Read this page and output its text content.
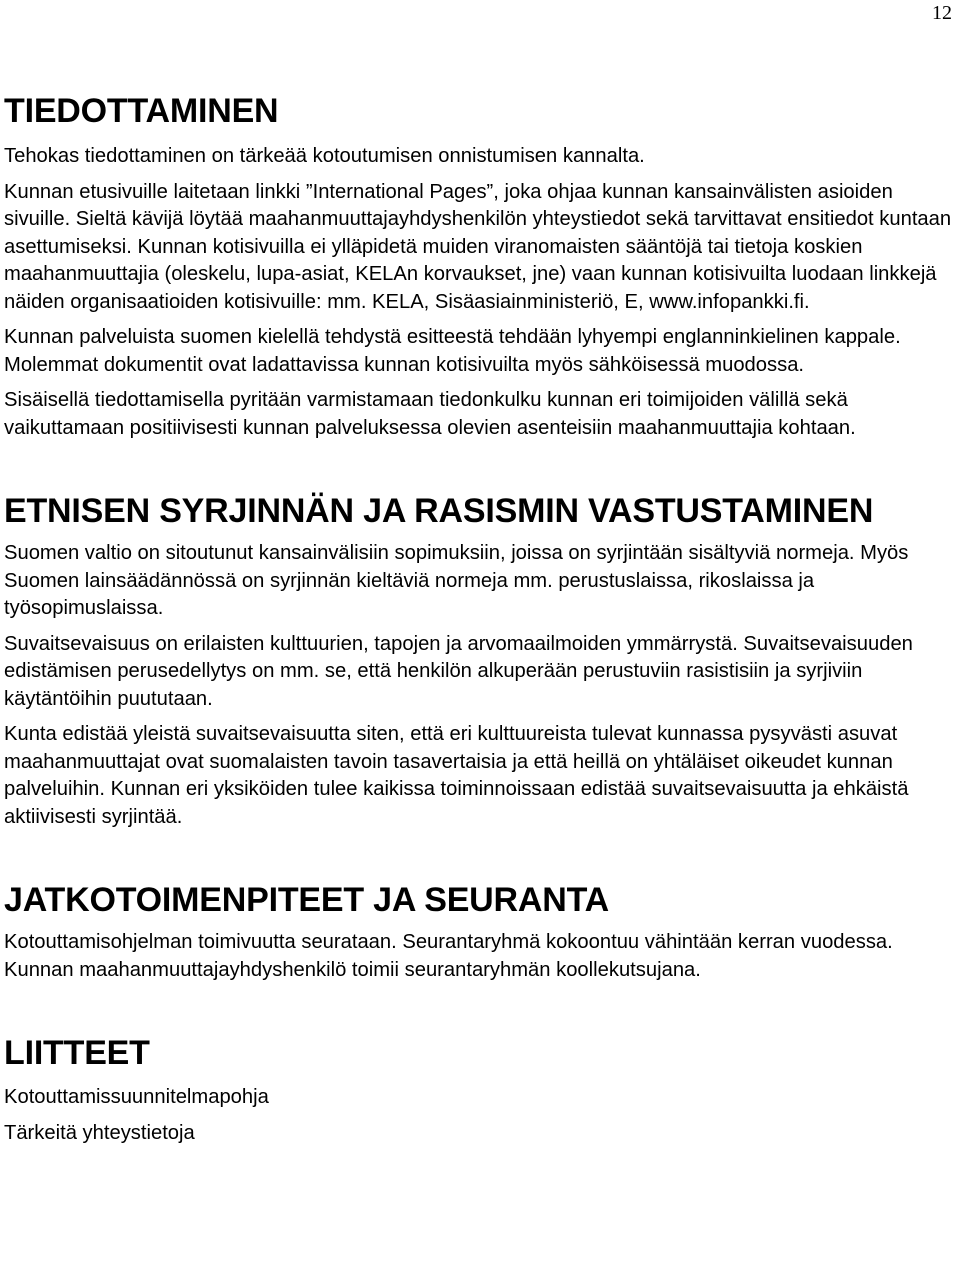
12
TIEDOTTAMINEN

Tehokas tiedottaminen on tärkeää kotoutumisen onnistumisen kannalta.

Kunnan etusivuille laitetaan linkki ”International Pages”, joka ohjaa kunnan kansainvälisten asioiden sivuille. Sieltä kävijä löytää maahanmuuttajayhdyshenkilön yhteystiedot sekä tarvittavat ensitiedot kuntaan asettumiseksi. Kunnan kotisivuilla ei ylläpidetä muiden viranomaisten sääntöjä tai tietoja koskien maahanmuuttajia (oleskelu, lupa-asiat, KELAn korvaukset, jne) vaan kunnan kotisivuilta luodaan linkkejä näiden organisaatioiden kotisivuille: mm. KELA, Sisäasiainministeriö, E, www.infopankki.fi.

Kunnan palveluista suomen kielellä tehdystä esitteestä tehdään lyhyempi englanninkielinen kappale. Molemmat dokumentit ovat ladattavissa kunnan kotisivuilta myös sähköisessä muodossa.

Sisäisellä tiedottamisella pyritään varmistamaan tiedonkulku kunnan eri toimijoiden välillä sekä vaikuttamaan positiivisesti kunnan palveluksessa olevien asenteisiin maahanmuuttajia kohtaan.

ETNISEN SYRJINNÄN JA RASISMIN VASTUSTAMINEN

Suomen valtio on sitoutunut kansainvälisiin sopimuksiin, joissa on syrjintään sisältyviä normeja. Myös Suomen lainsäädännössä on syrjinnän kieltäviä normeja mm. perustuslaissa, rikoslaissa ja työsopimuslaissa.

Suvaitsevaisuus on erilaisten kulttuurien, tapojen ja arvomaailmoiden ymmärrystä. Suvaitsevaisuuden edistämisen perusedellytys on mm. se, että henkilön alkuperään perustuviin rasistisiin ja syrjiviin käytäntöihin puututaan.

Kunta edistää yleistä suvaitsevaisuutta siten, että eri kulttuureista tulevat kunnassa pysyvästi asuvat maahanmuuttajat ovat suomalaisten tavoin tasavertaisia ja että heillä on yhtäläiset oikeudet kunnan palveluihin. Kunnan eri yksiköiden tulee kaikissa toiminnoissaan edistää suvaitsevaisuutta ja ehkäistä aktiivisesti syrjintää.

JATKOTOIMENPITEET JA SEURANTA

Kotouttamisohjelman toimivuutta seurataan. Seurantaryhmä kokoontuu vähintään kerran vuodessa. Kunnan maahanmuuttajayhdyshenkilö toimii seurantaryhmän koollekutsujana.

LIITTEET

Kotouttamissuunnitelmapohja

Tärkeitä yhteystietoja
